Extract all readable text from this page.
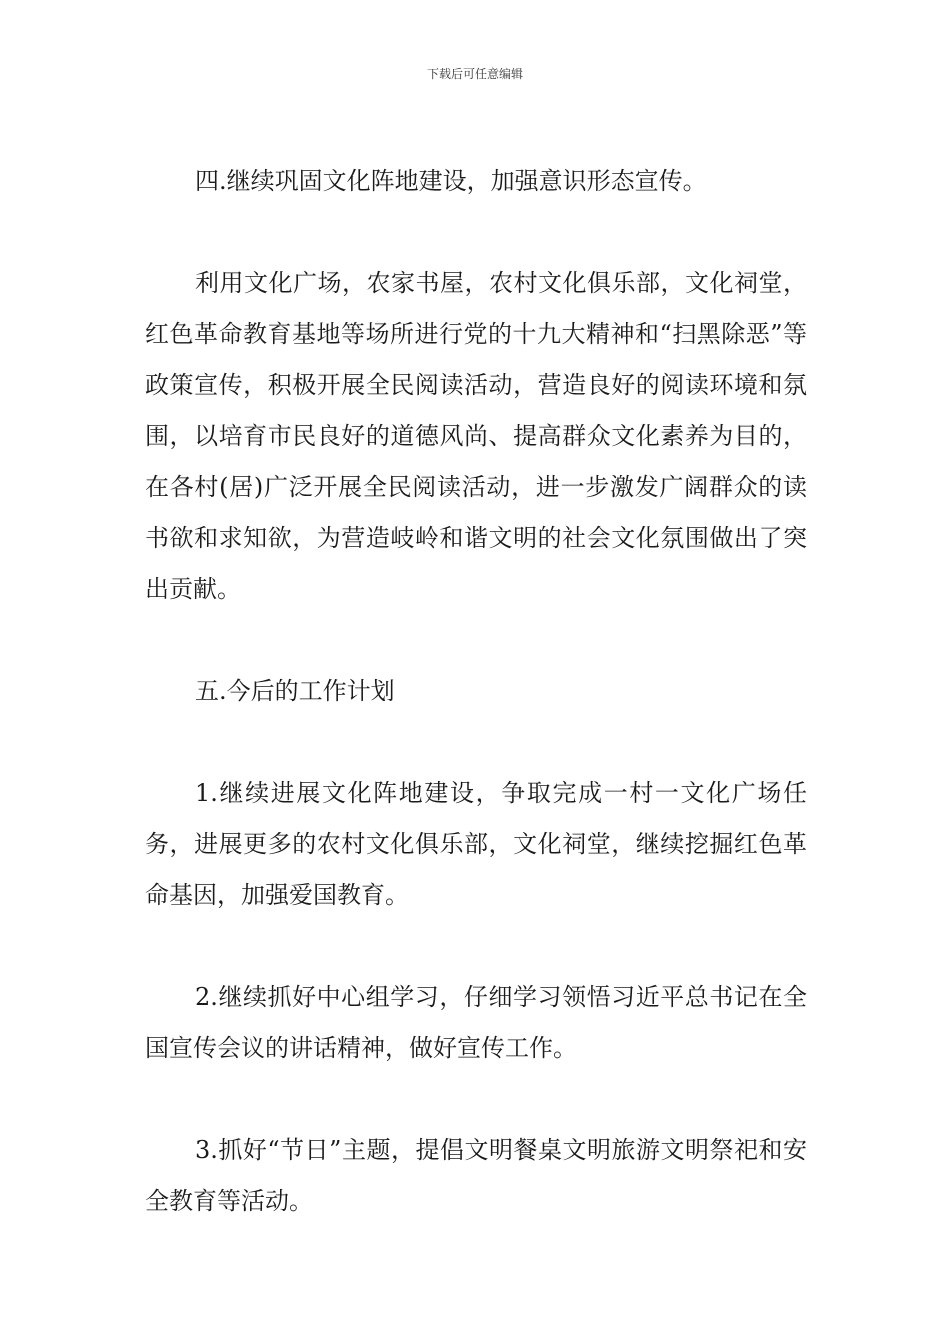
下载后可任意编辑

四.继续巩固文化阵地建设，加强意识形态宣传。

利用文化广场，农家书屋，农村文化俱乐部，文化祠堂，红色革命教育基地等场所进行党的十九大精神和“扫黑除恶”等政策宣传，积极开展全民阅读活动，营造良好的阅读环境和氛围，以培育市民良好的道德风尚、提高群众文化素养为目的，在各村(居)广泛开展全民阅读活动，进一步激发广阔群众的读书欲和求知欲，为营造岐岭和谐文明的社会文化氛围做出了突出贡献。

五.今后的工作计划

1.继续进展文化阵地建设，争取完成一村一文化广场任务，进展更多的农村文化俱乐部，文化祠堂，继续挖掘红色革命基因，加强爱国教育。

2.继续抓好中心组学习，仔细学习领悟习近平总书记在全国宣传会议的讲话精神，做好宣传工作。

3.抓好“节日”主题，提倡文明餐桌文明旅游文明祭祀和安全教育等活动。
